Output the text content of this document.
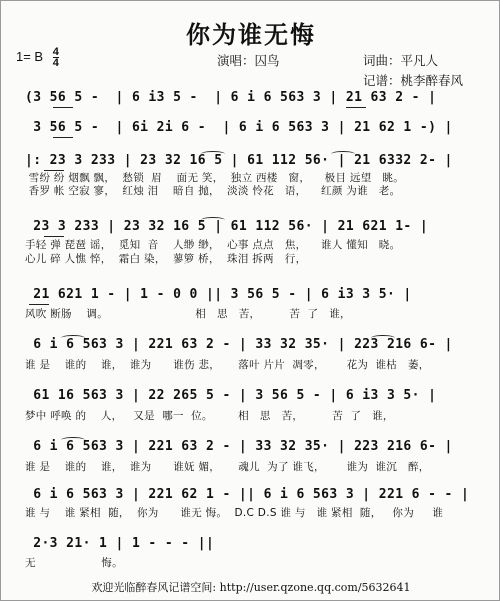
你为谁无悔
1= B $\frac{4}{4}$	演唱：囚鸟	词曲：平凡人
记谱：桃李醉春风
(3 56 5 -  | 6 i3 5 -  | 6 i 6 563 3 | 21 63 2 - |
3 56 5 -  | 6i 2i 6 -  | 6 i 6 563 3 | 21 62 1 -) |
|: 23 3 233 | 23 32 16 5 | 61 112 56· | 21 6332 2- |
雪纷 纷 烟飘 飘，  愁锁  眉    面无 笑，  独立 西楼   窗，    极目 远望   眺。
香罗 帐 空寂 寥，  红烛 泪    暗自 抛，  淡淡 怜花   语，    红颜 为谁   老。
23 3 233 | 23 32 16 5 | 61 112 56· | 21 621 1- |
手轻 弹 琵琶 谣，  觅知  音    人缈 缈，  心事 点点   焦，    谁人 懂知   晓。
心儿 碎 人憔 悴，  霜白 染，  蓼箩 桥，  珠泪 拆两   行，
21 621 1 - | 1 - 0 0 || 3 56 5 - | 6 i3 3 5· |
风吹 断肠    调。                        相   思   苦，        苦  了   谁，
6 i 6 563 3 | 221 63 2 - | 33 32 35· | 223 216 6- |
谁 是    谁的    谁，  谁为      谁伤 悲，     落叶 片片  凋零，      花为  谁枯   萎，
61 16 563 3 | 22 265 5 - | 3 56 5 - | 6 i3 3 5· |
梦中 呼唤 的    人，   又是  哪一  位。       相   思   苦，        苦  了   谁，
6 i 6 563 3 | 221 63 2 - | 33 32 35· | 223 216 6- |
谁 是    谁的    谁，  谁为      谁妩 媚，     魂儿  为了 谁飞，      谁为  谁沉   醉，
6 i 6 563 3 | 221 62 1 - || 6 i 6 563 3 | 221 6 - - |
谁 与    谁 紧相  随，  你为      谁无 悔。  D.C D.S 谁 与   谁 紧相  随，   你为     谁
2·3 21· 1 | 1 - - - ||
无                  悔。
欢迎光临醉春风记谱空间: http://user.qzone.qq.com/5632641
